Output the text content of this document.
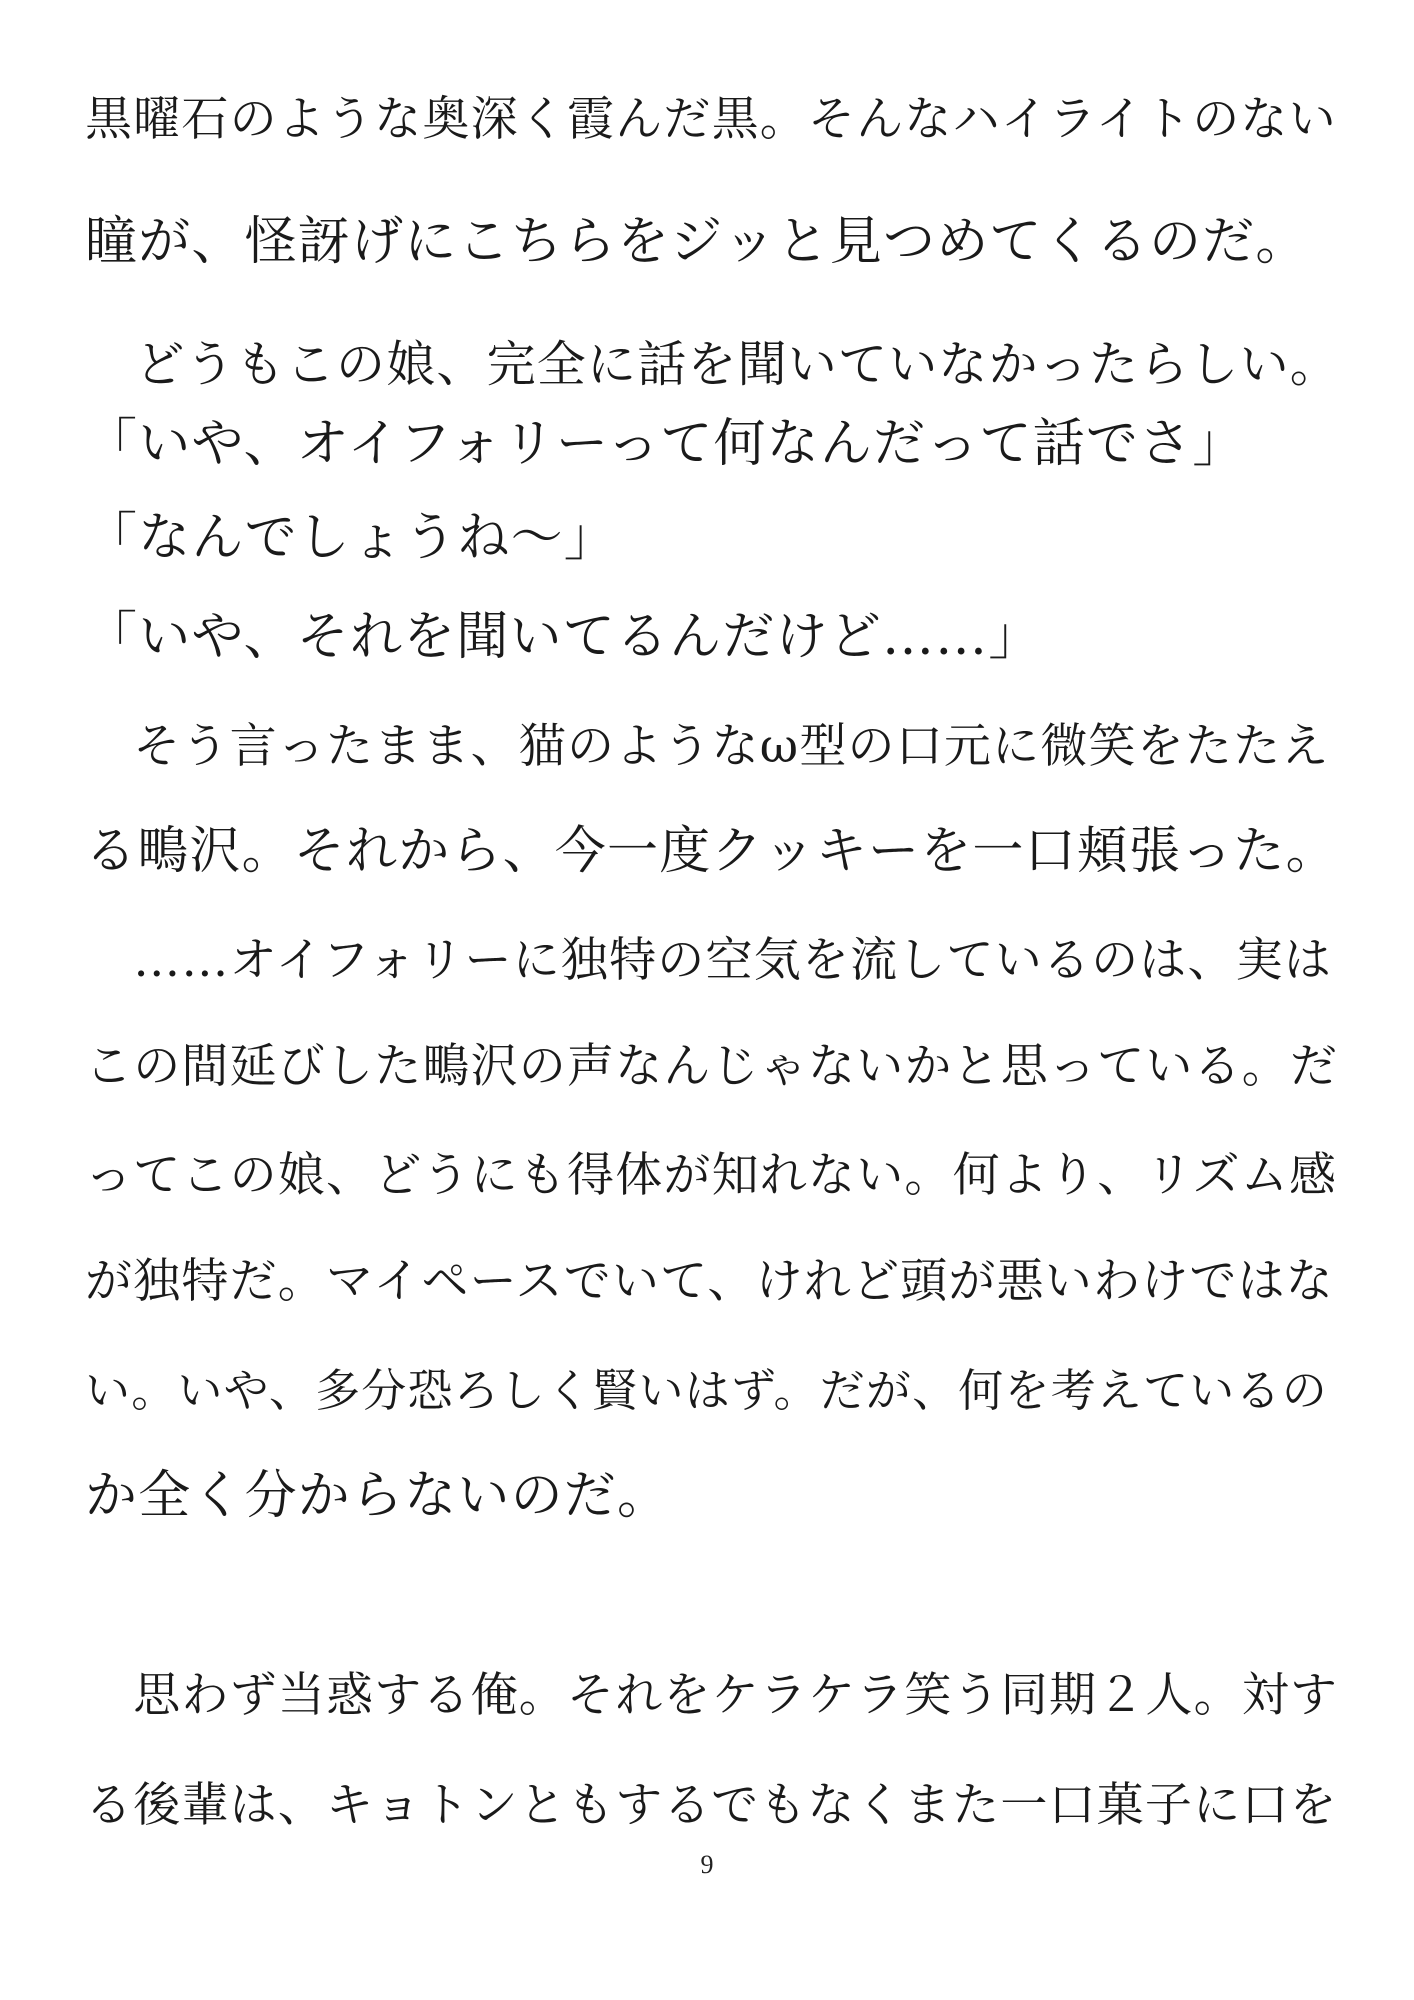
黒曜石のような奥深く霞んだ黒。そんなハイライトのない
瞳が、怪訝げにこちらをジッと見つめてくるのだ。
　どうもこの娘、完全に話を聞いていなかったらしい。
「いや、オイフォリーって何なんだって話でさ」
「なんでしょうね～」
「いや、それを聞いてるんだけど……」
　そう言ったまま、猫のようなω型の口元に微笑をたたえ
る鴫沢。それから、今一度クッキーを一口頬張った。
　……オイフォリーに独特の空気を流しているのは、実は
この間延びした鴫沢の声なんじゃないかと思っている。だ
ってこの娘、どうにも得体が知れない。何より、リズム感
が独特だ。マイペースでいて、けれど頭が悪いわけではな
い。いや、多分恐ろしく賢いはず。だが、何を考えているの
か全く分からないのだ。
　思わず当惑する俺。それをケラケラ笑う同期２人。対す
る後輩は、キョトンともするでもなくまた一口菓子に口を
9
